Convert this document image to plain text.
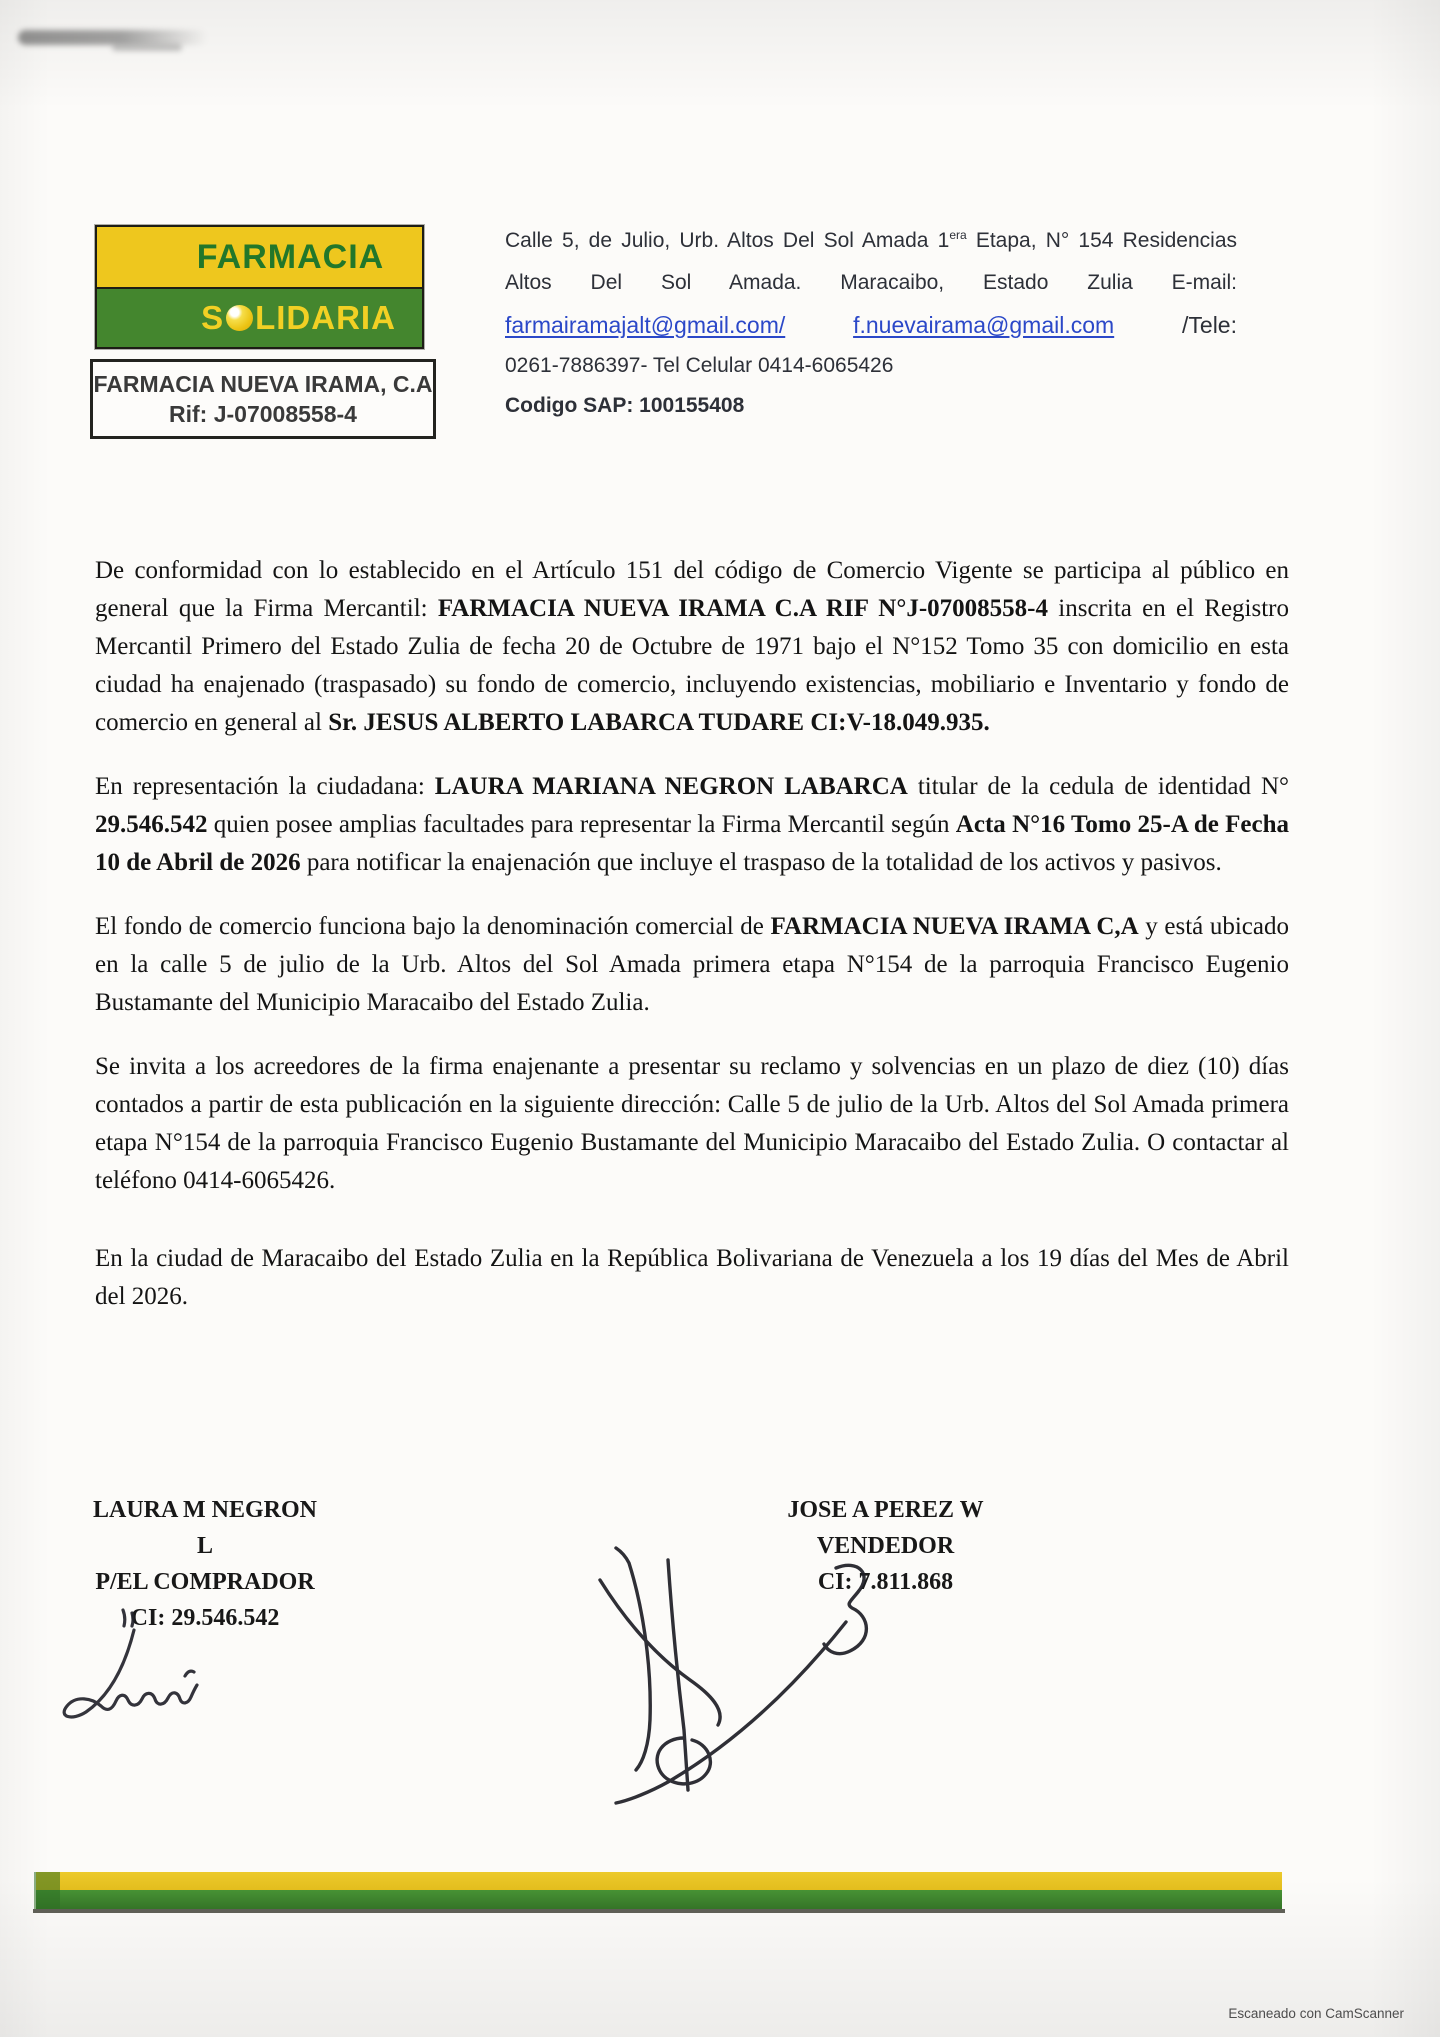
FARMACIA
S LIDARIA
FARMACIA NUEVA IRAMA, C.A
Rif: J-07008558-4
Calle 5, de Julio, Urb. Altos Del Sol Amada $1^{era}$ Etapa, N° 154 Residencias
Altos Del Sol Amada. Maracaibo, Estado Zulia E-mail:
farmairamajalt@gmail.com/	f.nuevairama@gmail.com	/Tele:
0261-7886397- Tel Celular 0414-6065426
Codigo SAP: 100155408

De conformidad con lo establecido en el Artículo 151 del código de Comercio Vigente se participa al público en general que la Firma Mercantil: FARMACIA NUEVA IRAMA C.A RIF N°J-07008558-4 inscrita en el Registro Mercantil Primero del Estado Zulia de fecha 20 de Octubre de 1971 bajo el N°152 Tomo 35 con domicilio en esta ciudad ha enajenado (traspasado) su fondo de comercio, incluyendo existencias, mobiliario e Inventario y fondo de comercio en general al Sr. JESUS ALBERTO LABARCA TUDARE CI:V-18.049.935.

En representación la ciudadana: LAURA MARIANA NEGRON LABARCA titular de la cedula de identidad N° 29.546.542 quien posee amplias facultades para representar la Firma Mercantil según Acta N°16 Tomo 25-A de Fecha 10 de Abril de 2026 para notificar la enajenación que incluye el traspaso de la totalidad de los activos y pasivos.

El fondo de comercio funciona bajo la denominación comercial de FARMACIA NUEVA IRAMA C,A y está ubicado en la calle 5 de julio de la Urb. Altos del Sol Amada primera etapa N°154 de la parroquia Francisco Eugenio Bustamante del Municipio Maracaibo del Estado Zulia.

Se invita a los acreedores de la firma enajenante a presentar su reclamo y solvencias en un plazo de diez (10) días contados a partir de esta publicación en la siguiente dirección: Calle 5 de julio de la Urb. Altos del Sol Amada primera etapa N°154 de la parroquia Francisco Eugenio Bustamante del Municipio Maracaibo del Estado Zulia. O contactar al teléfono 0414-6065426.

En la ciudad de Maracaibo del Estado Zulia en la República Bolivariana de Venezuela a los 19 días del Mes de Abril del 2026.

LAURA M NEGRON L
P/EL COMPRADOR
CI: 29.546.542
JOSE A PEREZ W
VENDEDOR
CI: 7.811.868
Escaneado con CamScanner
